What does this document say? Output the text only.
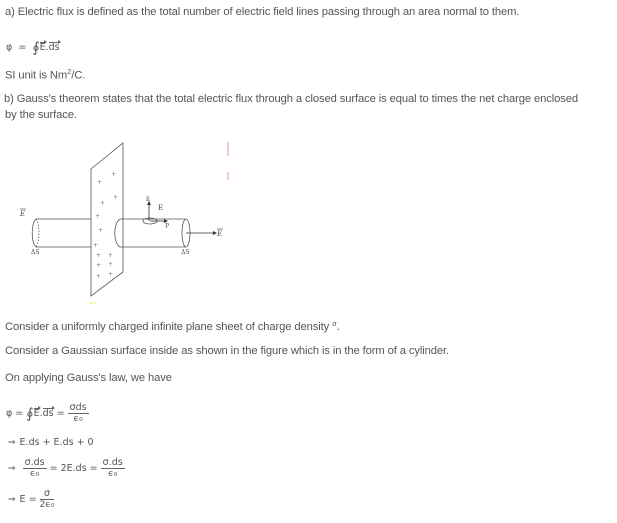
a) Electric flux is defined as the total number of electric field lines passing through an area normal to them.
φ = ∮E.ds
SI unit is Nm$^2$/C.
b) Gauss's theorem states that the total electric flux through a closed surface is equal to times the net charge enclosed
by the surface.
+
+
+
+
+
+
+
+ +
+ +
+ +
E
ΔS	ΔS
E
P
n̂
E
Consider a uniformly charged infinite plane sheet of charge density $^\sigma$.
Consider a Gaussian surface inside as shown in the figure which is in the form of a cylinder.
On applying Gauss's law, we have
φ = ∮E.ds = $\frac{\text{σds}}{\text{ϵ₀}}$
⇒ E.ds + E.ds + 0
⇒ $\frac{\sigma.ds}{\text{ϵ₀}} = 2E.ds = \frac{\sigma.ds}{\text{ϵ₀}}$
⇒ $E = \frac{\sigma}{\text{2ϵ₀}}$
